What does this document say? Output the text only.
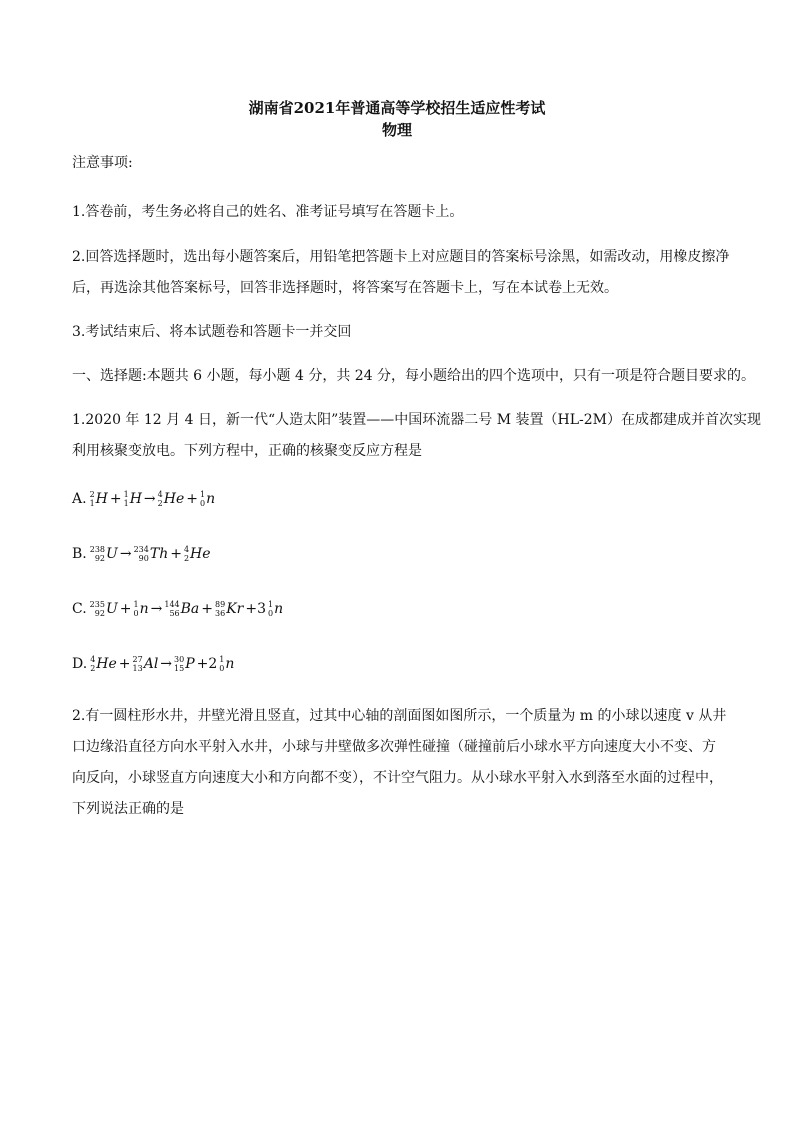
湖南省2021年普通高等学校招生适应性考试
物理
注意事项:
1.答卷前，考生务必将自己的姓名、准考证号填写在答题卡上。
2.回答选择题时，选出每小题答案后，用铅笔把答题卡上对应题目的答案标号涂黑，如需改动，用橡皮擦净
后，再选涂其他答案标号，回答非选择题时，将答案写在答题卡上，写在本试卷上无效。
3.考试结束后、将本试题卷和答题卡一并交回
一、选择题:本题共 6 小题，每小题 4 分，共 24 分，每小题给出的四个选项中，只有一项是符合题目要求的。
1.2020 年 12 月 4 日，新一代“人造太阳”装置——中国环流器二号 M 装置（HL-2M）在成都建成并首次实现
利用核聚变放电。下列方程中，正确的核聚变反应方程是
A. 2
1 H + 1
1 H → 4
2 He + 1
0 n
B. 238
92 U → 234
90 Th + 4
2 He
C. 235
92 U + 1
0 n → 144
56 Ba + 89
36 Kr +3 1
0 n
D. 4
2 He + 27
13 Al → 30
15 P +2 1
0 n
2.有一圆柱形水井，井壁光滑且竖直，过其中心轴的剖面图如图所示，一个质量为 m 的小球以速度 v 从井
口边缘沿直径方向水平射入水井，小球与井壁做多次弹性碰撞（碰撞前后小球水平方向速度大小不变、方
向反向，小球竖直方向速度大小和方向都不变），不计空气阻力。从小球水平射入水到落至水面的过程中，
下列说法正确的是
